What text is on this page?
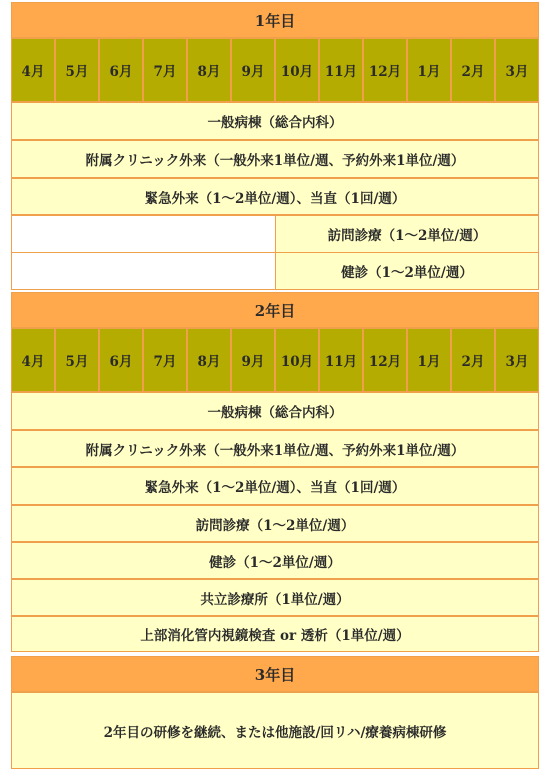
1年目
4月	5月	6月	7月	8月	9月	10月 11月 12月	1月	2月	3月
一般病棟（総合内科）
附属クリニック外来（一般外来1単位/週、予約外来1単位/週）
緊急外来（1〜2単位/週）、当直（1回/週）
訪問診療（1〜2単位/週）
健診（1〜2単位/週）
2年目
4月	5月	6月	7月	8月	9月	10月 11月 12月	1月	2月	3月
一般病棟（総合内科）
附属クリニック外来（一般外来1単位/週、予約外来1単位/週）
緊急外来（1〜2単位/週）、当直（1回/週）
訪問診療（1〜2単位/週）
健診（1〜2単位/週）
共立診療所（1単位/週）
上部消化管内視鏡検査 or 透析（1単位/週）
3年目
2年目の研修を継続、または他施設/回リハ/療養病棟研修
